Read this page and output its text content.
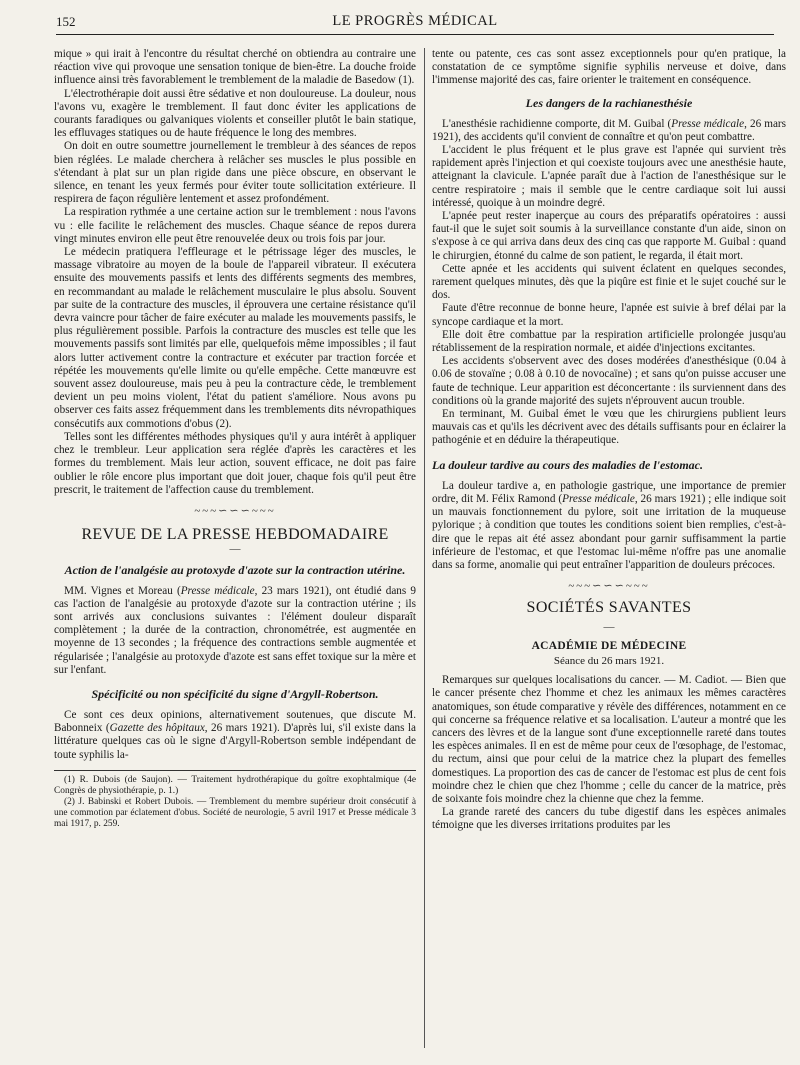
152	LE PROGRÈS MÉDICAL

mique » qui irait à l'encontre du résultat cherché on obtiendra au contraire une réaction vive qui provoque une sensation tonique de bien-être. La douche froide influence ainsi très favorablement le tremblement de la maladie de Basedow (1).

L'électrothérapie doit aussi être sédative et non douloureuse. La douleur, nous l'avons vu, exagère le tremblement. Il faut donc éviter les applications de courants faradiques ou galvaniques violents et conseiller plutôt le bain statique, les effluvages statiques ou de haute fréquence le long des membres.

On doit en outre soumettre journellement le trembleur à des séances de repos bien réglées. Le malade cherchera à relâcher ses muscles le plus possible en s'étendant à plat sur un plan rigide dans une pièce obscure, en observant le silence, en tenant les yeux fermés pour éviter toute sollicitation extérieure. Il respirera de façon régulière lentement et assez profondément.

La respiration rythmée a une certaine action sur le tremblement : nous l'avons vu : elle facilite le relâchement des muscles. Chaque séance de repos durera vingt minutes environ elle peut être renouvelée deux ou trois fois par jour.

Le médecin pratiquera l'effleurage et le pétrissage léger des muscles, le massage vibratoire au moyen de la boule de l'appareil vibrateur. Il exécutera ensuite des mouvements passifs et lents des différents segments des membres, en recommandant au malade le relâchement musculaire le plus absolu. Souvent par suite de la contracture des muscles, il éprouvera une certaine résistance qu'il devra vaincre pour tâcher de faire exécuter au malade les mouvements passifs, le plus régulièrement possible. Parfois la contracture des muscles est telle que les mouvements passifs sont limités par elle, quelquefois même impossibles ; il faut alors lutter activement contre la contracture et exécuter par traction forcée et répétée les mouvements qu'elle limite ou qu'elle empêche. Cette manœuvre est souvent assez douloureuse, mais peu à peu la contracture cède, le tremblement devient un peu moins violent, l'état du patient s'améliore. Nous avons pu observer ces faits assez fréquemment dans les tremblements dits névropathiques consécutifs aux commotions d'obus (2).

Telles sont les différentes méthodes physiques qu'il y aura intérêt à appliquer chez le trembleur. Leur application sera réglée d'après les caractères et les formes du tremblement. Mais leur action, souvent efficace, ne doit pas faire oublier le rôle encore plus important que doit jouer, chaque fois qu'il peut être prescrit, le traitement de l'affection cause du tremblement.

~~~∽∽∽~~~
REVUE DE LA PRESSE HEBDOMADAIRE
—
Action de l'analgésie au protoxyde d'azote sur la contraction utérine.

MM. Vignes et Moreau (Presse médicale, 23 mars 1921), ont étudié dans 9 cas l'action de l'analgésie au protoxyde d'azote sur la contraction utérine ; ils sont arrivés aux conclusions suivantes : l'élément douleur disparaît complètement ; la durée de la contraction, chronométrée, est augmentée en moyenne de 13 secondes ; la fréquence des contractions semble augmentée et régularisée ; l'analgésie au protoxyde d'azote est sans effet toxique sur la mère et sur l'enfant.

Spécificité ou non spécificité du signe d'Argyll-Robertson.

Ce sont ces deux opinions, alternativement soutenues, que discute M. Babonneix (Gazette des hôpitaux, 26 mars 1921). D'après lui, s'il existe dans la littérature quelques cas où le signe d'Argyll-Robertson semble indépendant de toute syphilis la-

(1) R. Dubois (de Saujon). — Traitement hydrothérapique du goître exophtalmique (4e Congrès de physiothérapie, p. 1.)

(2) J. Babinski et Robert Dubois. — Tremblement du membre supérieur droit consécutif à une commotion par éclatement d'obus. Société de neurologie, 5 avril 1917 et Presse médicale 3 mai 1917, p. 259.

tente ou patente, ces cas sont assez exceptionnels pour qu'en pratique, la constatation de ce symptôme signifie syphilis nerveuse et doive, dans l'immense majorité des cas, faire orienter le traitement en conséquence.

Les dangers de la rachianesthésie

L'anesthésie rachidienne comporte, dit M. Guibal (Presse médicale, 26 mars 1921), des accidents qu'il convient de connaître et qu'on peut combattre.

L'accident le plus fréquent et le plus grave est l'apnée qui survient très rapidement après l'injection et qui coexiste toujours avec une anesthésie haute, atteignant la clavicule. L'apnée paraît due à l'action de l'anesthésique sur le centre respiratoire ; mais il semble que le centre cardiaque soit lui aussi intéressé, quoique à un moindre degré.

L'apnée peut rester inaperçue au cours des préparatifs opératoires : aussi faut-il que le sujet soit soumis à la surveillance constante d'un aide, sinon on s'expose à ce qui arriva dans deux des cinq cas que rapporte M. Guibal : quand le chirurgien, étonné du calme de son patient, le regarda, il était mort.

Cette apnée et les accidents qui suivent éclatent en quelques secondes, rarement quelques minutes, dès que la piqûre est finie et le sujet couché sur le dos.

Faute d'être reconnue de bonne heure, l'apnée est suivie à bref délai par la syncope cardiaque et la mort.

Elle doit être combattue par la respiration artificielle prolongée jusqu'au rétablissement de la respiration normale, et aidée d'injections excitantes.

Les accidents s'observent avec des doses modérées d'anesthésique (0.04 à 0.06 de stovaïne ; 0.08 à 0.10 de novocaïne) ; et sans qu'on puisse accuser une faute de technique. Leur apparition est déconcertante : ils surviennent dans des conditions où la grande majorité des sujets n'éprouvent aucun trouble.

En terminant, M. Guibal émet le vœu que les chirurgiens publient leurs mauvais cas et qu'ils les décrivent avec des détails suffisants pour en éclairer la pathogénie et en déduire la thérapeutique.

La douleur tardive au cours des maladies de l'estomac.

La douleur tardive a, en pathologie gastrique, une importance de premier ordre, dit M. Félix Ramond (Presse médicale, 26 mars 1921) ; elle indique soit un mauvais fonctionnement du pylore, soit une irritation de la muqueuse pylorique ; à condition que toutes les conditions soient bien remplies, c'est-à-dire que le repas ait été assez abondant pour garnir suffisamment la partie inférieure de l'estomac, et que l'estomac lui-même n'offre pas une anomalie dans sa forme, anomalie qui peut entraîner l'apparition de douleurs précoces.

~~~∽∽∽~~~
SOCIÉTÉS SAVANTES
—
ACADÉMIE DE MÉDECINE
Séance du 26 mars 1921.

Remarques sur quelques localisations du cancer. — M. Cadiot. — Bien que le cancer présente chez l'homme et chez les animaux les mêmes caractères anatomiques, son étude comparative y révèle des différences, notamment en ce qui concerne sa fréquence relative et sa localisation. L'auteur a montré que les cancers des lèvres et de la langue sont d'une exceptionnelle rareté dans toutes les espèces animales. Il en est de même pour ceux de l'œsophage, de l'estomac, du rectum, ainsi que pour celui de la matrice chez la plupart des femelles domestiques. La proportion des cas de cancer de l'estomac est plus de cent fois moindre chez le chien que chez l'homme ; celle du cancer de la matrice, près de soixante fois moindre chez la chienne que chez la femme.

La grande rareté des cancers du tube digestif dans les espèces animales témoigne que les diverses irritations produites par les
